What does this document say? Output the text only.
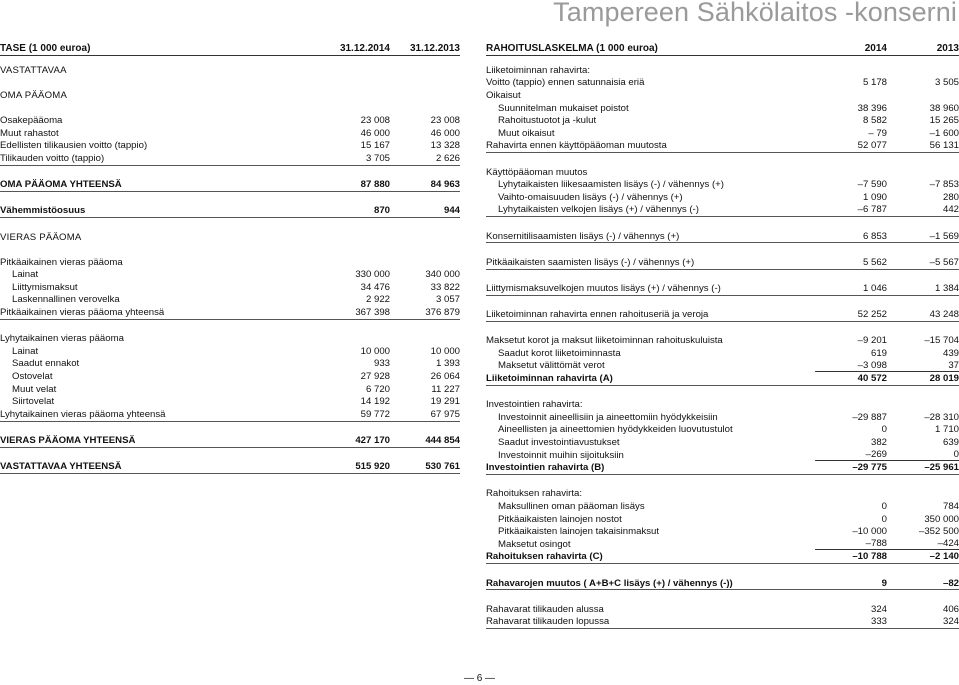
Tampereen Sähkölaitos -konserni
TASE (1 000 euroa)	31.12.2014	31.12.2013
VASTATTAVAA
OMA PÄÄOMA
Osakepääoma	23 008	23 008
Muut rahastot	46 000	46 000
Edellisten tilikausien voitto (tappio)	15 167	13 328
Tilikauden voitto (tappio)	3 705	2 626
OMA PÄÄOMA YHTEENSÄ	87 880	84 963
Vähemmistöosuus	870	944
VIERAS PÄÄOMA
Pitkäaikainen vieras pääoma
Lainat	330 000	340 000
Liittymismaksut	34 476	33 822
Laskennallinen verovelka	2 922	3 057
Pitkäaikainen vieras pääoma yhteensä	367 398	376 879
Lyhytaikainen vieras pääoma
Lainat	10 000	10 000
Saadut ennakot	933	1 393
Ostovelat	27 928	26 064
Muut velat	6 720	11 227
Siirtovelat	14 192	19 291
Lyhytaikainen vieras pääoma yhteensä	59 772	67 975
VIERAS PÄÄOMA YHTEENSÄ	427 170	444 854
VASTATTAVAA YHTEENSÄ	515 920	530 761
RAHOITUSLASKELMA (1 000 euroa)	2014	2013
Liiketoiminnan rahavirta:
Voitto (tappio) ennen satunnaisia eriä	5 178	3 505
Oikaisut
Suunnitelman mukaiset poistot	38 396	38 960
Rahoitustuotot ja -kulut	8 582	15 265
Muut oikaisut	– 79	–1 600
Rahavirta ennen käyttöpääoman muutosta	52 077	56 131
Käyttöpääoman muutos
Lyhytaikaisten liikesaamisten lisäys (-) / vähennys (+)	–7 590	–7 853
Vaihto-omaisuuden lisäys (-) / vähennys (+)	1 090	280
Lyhytaikaisten velkojen lisäys (+) / vähennys (-)	–6 787	442
Konsernitilisaamisten lisäys (-) / vähennys (+)	6 853	–1 569
Pitkäaikaisten saamisten lisäys (-) / vähennys (+)	5 562	–5 567
Liittymismaksuvelkojen muutos lisäys (+) / vähennys (-)	1 046	1 384
Liiketoiminnan rahavirta ennen rahoituseriä ja veroja	52 252	43 248
Maksetut korot ja maksut liiketoiminnan rahoituskuluista	–9 201	–15 704
Saadut korot liiketoiminnasta	619	439
Maksetut välittömät verot	–3 098	37
Liiketoiminnan rahavirta (A)	40 572	28 019
Investointien rahavirta:
Investoinnit aineellisiin ja aineettomiin hyödykkeisiin	–29 887	–28 310
Aineellisten ja aineettomien hyödykkeiden luovutustulot	0	1 710
Saadut investointiavustukset	382	639
Investoinnit muihin sijoituksiin	–269	0
Investointien rahavirta (B)	–29 775	–25 961
Rahoituksen rahavirta:
Maksullinen oman pääoman lisäys	0	784
Pitkäaikaisten lainojen nostot	0	350 000
Pitkäaikaisten lainojen takaisinmaksut	–10 000	–352 500
Maksetut osingot	–788	–424
Rahoituksen rahavirta (C)	–10 788	–2 140
Rahavarojen muutos ( A+B+C lisäys (+) / vähennys (-))	9	–82
Rahavarat tilikauden alussa	324	406
Rahavarat tilikauden lopussa	333	324
— 6 —
